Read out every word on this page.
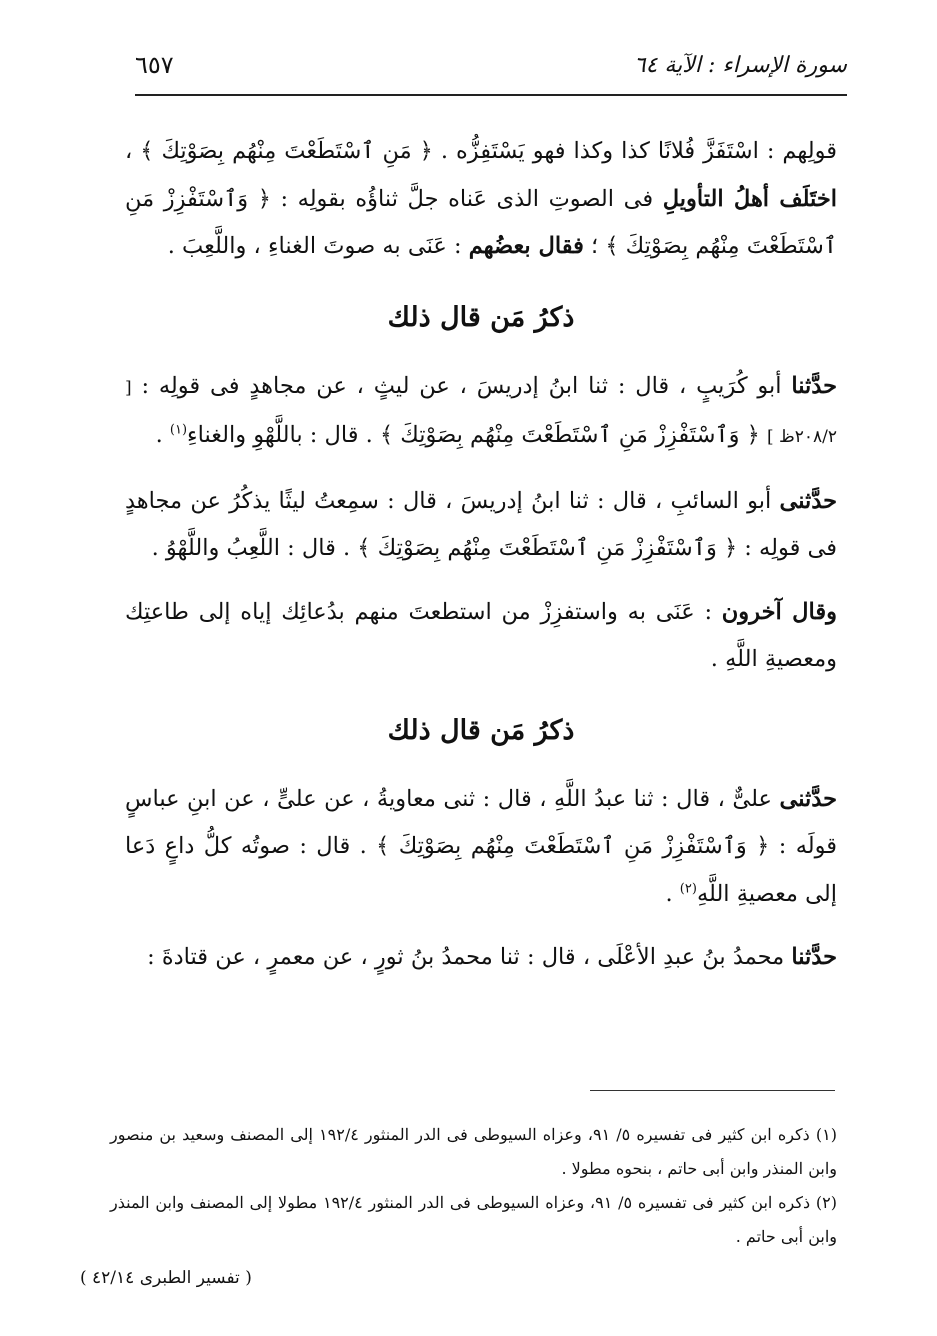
٦٥٧	سورة الإسراء : الآية ٦٤

قولِهم : اسْتَفَزَّ فُلانًا كذا وكذا فهو يَسْتَفِزُّه . ﴿ مَنِ ٱسْتَطَعْتَ مِنْهُم بِصَوْتِكَ ﴾ ، اختَلَف أهلُ التأويلِ فى الصوتِ الذى عَناه جلَّ ثناؤُه بقولِه : ﴿ وَٱسْتَفْزِزْ مَنِ ٱسْتَطَعْتَ مِنْهُم بِصَوْتِكَ ﴾ ؛ فقال بعضُهم : عَنَى به صوتَ الغناءِ ، واللَّعِبَ .

ذكرُ مَن قال ذلك

حدَّثنا أبو كُرَيبٍ ، قال : ثنا ابنُ إدريسَ ، عن ليثٍ ، عن مجاهدٍ فى قولِه : [ ٢٠٨/٢ظ ] ﴿ وَٱسْتَفْزِزْ مَنِ ٱسْتَطَعْتَ مِنْهُم بِصَوْتِكَ ﴾ . قال : باللَّهْوِ والغناءِ$^{(١)}$ .

حدَّثنى أبو السائبِ ، قال : ثنا ابنُ إدريسَ ، قال : سمِعتُ ليثًا يذكُرُ عن مجاهدٍ فى قولِه : ﴿ وَٱسْتَفْزِزْ مَنِ ٱسْتَطَعْتَ مِنْهُم بِصَوْتِكَ ﴾ . قال : اللَّعِبُ واللَّهْوُ .

وقال آخرون : عَنَى به واستفزِزْ من استطعتَ منهم بدُعائِك إياه إلى طاعتِك ومعصيةِ اللَّهِ .

ذكرُ مَن قال ذلك

حدَّثنى علىٌّ ، قال : ثنا عبدُ اللَّهِ ، قال : ثنى معاويةُ ، عن علىٍّ ، عن ابنِ عباسٍ قولَه : ﴿ وَٱسْتَفْزِزْ مَنِ ٱسْتَطَعْتَ مِنْهُم بِصَوْتِكَ ﴾ . قال : صوتُه كلُّ داعٍ دَعا إلى معصيةِ اللَّهِ$^{(٢)}$ .

حدَّثنا محمدُ بنُ عبدِ الأعْلَى ، قال : ثنا محمدُ بنُ ثورٍ ، عن معمرٍ ، عن قتادةَ :

(١) ذكره ابن كثير فى تفسيره ٥/ ٩١، وعزاه السيوطى فى الدر المنثور ١٩٢/٤ إلى المصنف وسعيد بن منصور وابن المنذر وابن أبى حاتم ، بنحوه مطولا .

(٢) ذكره ابن كثير فى تفسيره ٥/ ٩١، وعزاه السيوطى فى الدر المنثور ١٩٢/٤ مطولا إلى المصنف وابن المنذر وابن أبى حاتم .

( تفسير الطبرى ٤٢/١٤ )
